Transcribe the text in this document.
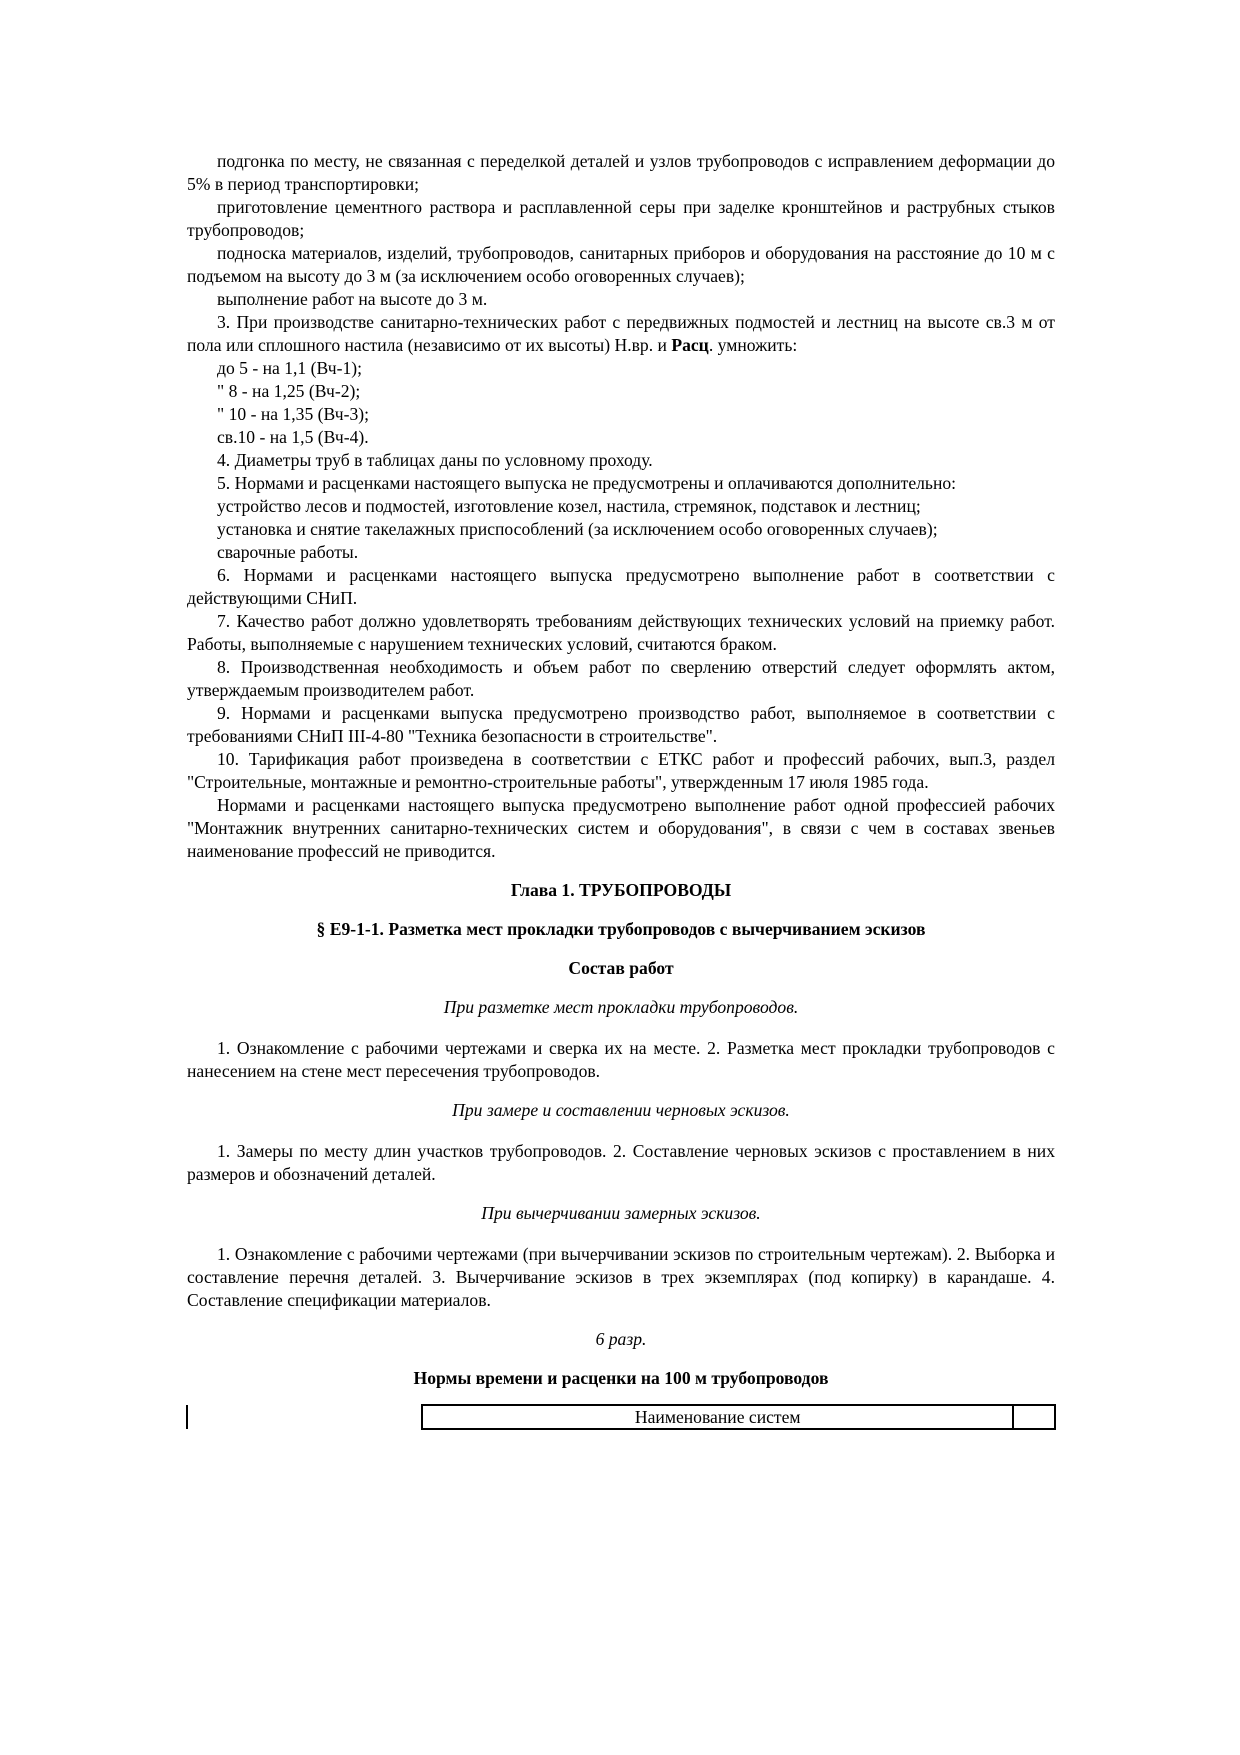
подгонка по месту, не связанная с переделкой деталей и узлов трубопроводов с исправлением деформации до 5% в период транспортировки;

приготовление цементного раствора и расплавленной серы при заделке кронштейнов и раструбных стыков трубопроводов;

подноска материалов, изделий, трубопроводов, санитарных приборов и оборудования на расстояние до 10 м с подъемом на высоту до 3 м (за исключением особо оговоренных случаев);

выполнение работ на высоте до 3 м.

3. При производстве санитарно-технических работ с передвижных подмостей и лестниц на высоте св.3 м от пола или сплошного настила (независимо от их высоты) Н.вр. и Расц. умножить:

до 5 - на 1,1 (Вч-1);

" 8 - на 1,25 (Вч-2);

" 10 - на 1,35 (Вч-3);

св.10 - на 1,5 (Вч-4).

4. Диаметры труб в таблицах даны по условному проходу.

5. Нормами и расценками настоящего выпуска не предусмотрены и оплачиваются дополнительно:

устройство лесов и подмостей, изготовление козел, настила, стремянок, подставок и лестниц;

установка и снятие такелажных приспособлений (за исключением особо оговоренных случаев);

сварочные работы.

6. Нормами и расценками настоящего выпуска предусмотрено выполнение работ в соответствии с действующими СНиП.

7. Качество работ должно удовлетворять требованиям действующих технических условий на приемку работ. Работы, выполняемые с нарушением технических условий, считаются браком.

8. Производственная необходимость и объем работ по сверлению отверстий следует оформлять актом, утверждаемым производителем работ.

9. Нормами и расценками выпуска предусмотрено производство работ, выполняемое в соответствии с требованиями СНиП III-4-80 "Техника безопасности в строительстве".

10. Тарификация работ произведена в соответствии с ЕТКС работ и профессий рабочих, вып.3, раздел "Строительные, монтажные и ремонтно-строительные работы", утвержденным 17 июля 1985 года.

Нормами и расценками настоящего выпуска предусмотрено выполнение работ одной профессией рабочих "Монтажник внутренних санитарно-технических систем и оборудования", в связи с чем в составах звеньев наименование профессий не приводится.

Глава 1. ТРУБОПРОВОДЫ

§ Е9-1-1. Разметка мест прокладки трубопроводов с вычерчиванием эскизов

Состав работ

При разметке мест прокладки трубопроводов.

1. Ознакомление с рабочими чертежами и сверка их на месте. 2. Разметка мест прокладки трубопроводов с нанесением на стене мест пересечения трубопроводов.

При замере и составлении черновых эскизов.

1. Замеры по месту длин участков трубопроводов. 2. Составление черновых эскизов с проставлением в них размеров и обозначений деталей.

При вычерчивании замерных эскизов.

1. Ознакомление с рабочими чертежами (при вычерчивании эскизов по строительным чертежам). 2. Выборка и составление перечня деталей. 3. Вычерчивание эскизов в трех экземплярах (под копирку) в карандаше. 4. Составление спецификации материалов.

6 разр.

Нормы времени и расценки на 100 м трубопроводов

	Наименование систем	
